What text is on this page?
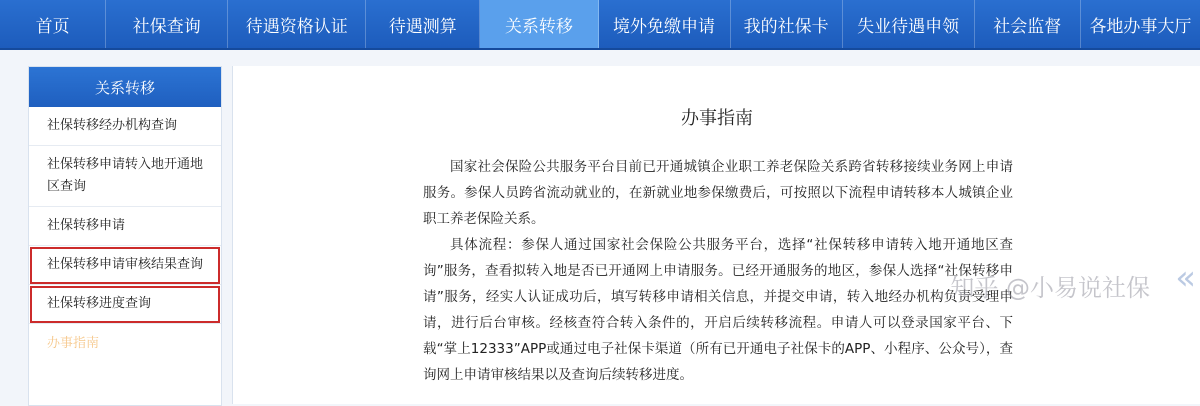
首页	社保查询	待遇资格认证	待遇测算	关系转移	境外免缴申请	我的社保卡	失业待遇申领	社会监督	各地办事大厅
关系转移
社保转移经办机构查询
社保转移申请转入地开通地区查询
社保转移申请
社保转移申请审核结果查询
社保转移进度查询
办事指南
办事指南

国家社会保险公共服务平台目前已开通城镇企业职工养老保险关系跨省转移接续业务网上申请服务。参保人员跨省流动就业的，在新就业地参保缴费后，可按照以下流程申请转移本人城镇企业职工养老保险关系。

具体流程：参保人通过国家社会保险公共服务平台，选择“社保转移申请转入地开通地区查询”服务，查看拟转入地是否已开通网上申请服务。已经开通服务的地区，参保人选择“社保转移申请”服务，经实人认证成功后，填写转移申请相关信息，并提交申请，转入地经办机构负责受理申请，进行后台审核。经核查符合转入条件的，开启后续转移流程。申请人可以登录国家平台、下载“掌上12333”APP或通过电子社保卡渠道（所有已开通电子社保卡的APP、小程序、公众号），查询网上申请审核结果以及查询后续转移进度。

知乎 @小易说社保 «
